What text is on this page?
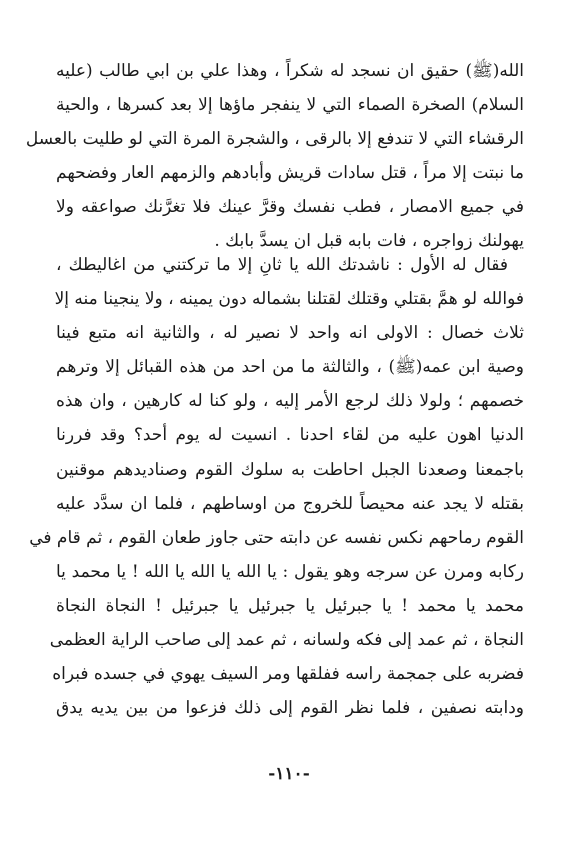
الله(ﷺ) حقيق ان نسجد له شكراً ، وهذا علي بن ابي طالب (عليه
السلام) الصخرة الصماء التي لا ينفجر ماؤها إلا بعد كسرها ، والحية
الرقشاء التي لا تندفع إلا بالرقى ، والشجرة المرة التي لو طليت بالعسل
ما نبتت إلا مراً ، قتل سادات قريش وأبادهم والزمهم العار وفضحهم
في جميع الامصار ، فطب نفسك وقرَّ عينك فلا تغرَّنك صواعقه ولا
يهولنك زواجره ، فات بابه قبل ان يسدَّ بابك .
فقال له الأول : ناشدتك الله يا ثانِ إلا ما تركتني من اغاليطك ،
فوالله لو همَّ بقتلي وقتلك لقتلنا بشماله دون يمينه ، ولا ينجينا منه إلا
ثلاث خصال : الاولى انه واحد لا نصير له ، والثانية انه متبع فينا
وصية ابن عمه(ﷺ) ، والثالثة ما من احد من هذه القبائل إلا وترهم
خصمهم ؛ ولولا ذلك لرجع الأمر إليه ، ولو كنا له كارهين ، وان هذه
الدنيا اهون عليه من لقاء احدنا . انسيت له يوم أحد؟ وقد فررنا
باجمعنا وصعدنا الجبل احاطت به سلوك القوم وصناديدهم موقنين
بقتله لا يجد عنه محيصاً للخروج من اوساطهم ، فلما ان سدَّد عليه
القوم رماحهم نكس نفسه عن دابته حتى جاوز طعان القوم ، ثم قام في
ركابه ومرن عن سرجه وهو يقول : يا الله يا الله يا الله ! يا محمد يا
محمد يا محمد ! يا جبرئيل يا جبرئيل يا جبرئيل ! النجاة النجاة
النجاة ، ثم عمد إلى فكه ولسانه ، ثم عمد إلى صاحب الراية العظمى
فضربه على جمجمة راسه ففلقها ومر السيف يهوي في جسده فبراه
ودابته نصفين ، فلما نظر القوم إلى ذلك فزعوا من بين يديه يدق
-١١٠-
